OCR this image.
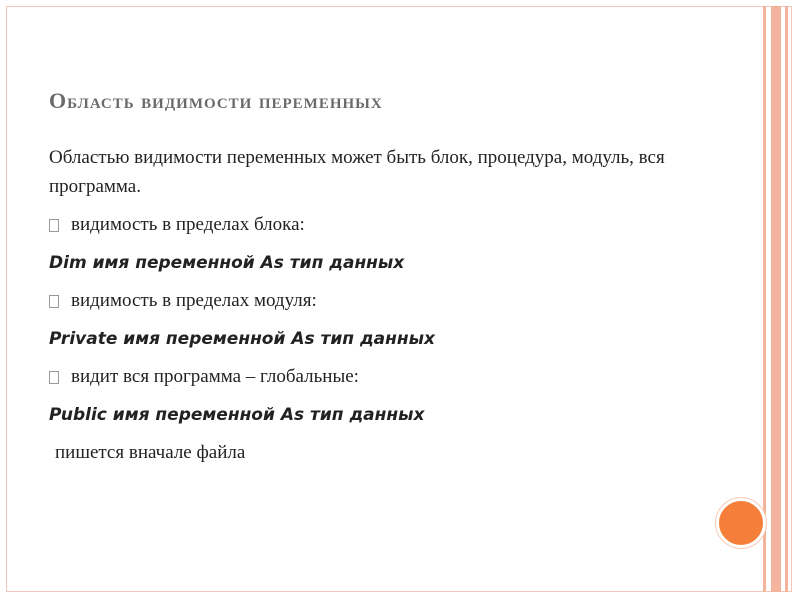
Область видимости переменных

Областью видимости переменных может быть блок, процедура, модуль, вся программа.

видимость в пределах блока:

Dim имя переменной As тип данных

видимость в пределах модуля:

Private имя переменной As тип данных

видит вся программа – глобальные:

Public имя переменной As тип данных

пишется вначале файла
